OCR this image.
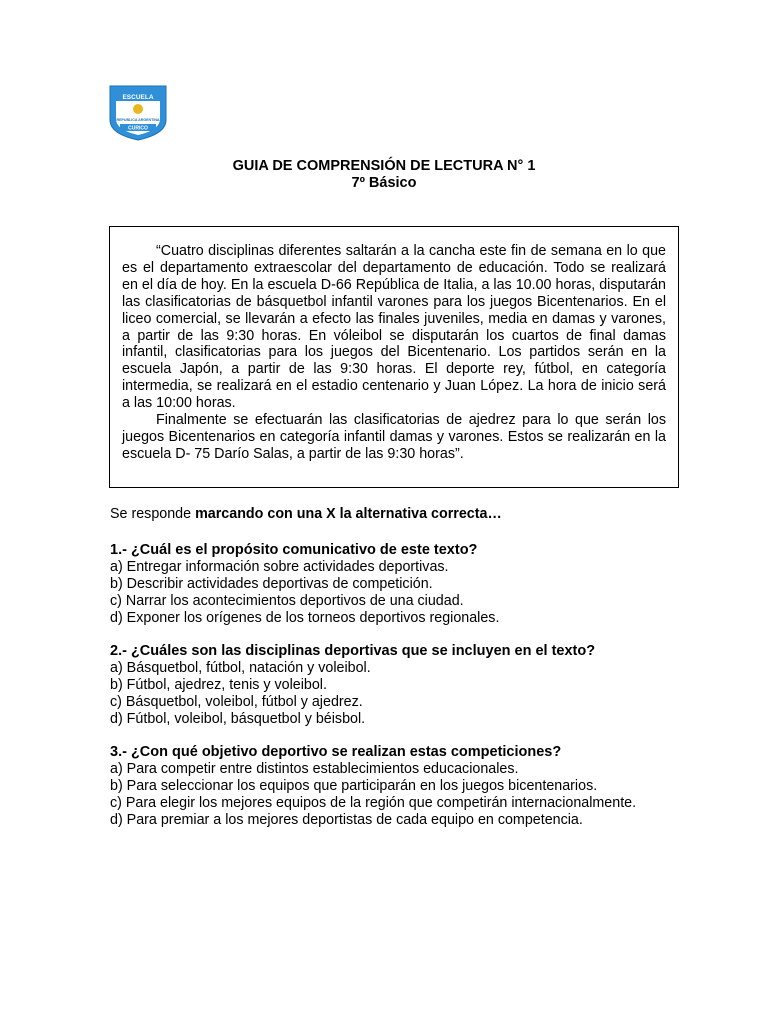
ESCUELA
REPUBLICA ARGENTINA
CURICO
GUIA DE COMPRENSIÓN DE LECTURA N° 1
7º Básico

“Cuatro disciplinas diferentes saltarán a la cancha este fin de semana en lo que es el departamento extraescolar del departamento de educación. Todo se realizará en el día de hoy. En la escuela D-66 República de Italia, a las 10.00 horas, disputarán las clasificatorias de básquetbol infantil varones para los juegos Bicentenarios. En el liceo comercial, se llevarán a efecto las finales juveniles, media en damas y varones, a partir de las 9:30 horas. En vóleibol se disputarán los cuartos de final damas infantil, clasificatorias para los juegos del Bicentenario. Los partidos serán en la escuela Japón, a partir de las 9:30 horas. El deporte rey, fútbol, en categoría intermedia, se realizará en el estadio centenario y Juan López. La hora de inicio será a las 10:00 horas.

Finalmente se efectuarán las clasificatorias de ajedrez para lo que serán los juegos Bicentenarios en categoría infantil damas y varones. Estos se realizarán en la escuela D- 75 Darío Salas, a partir de las 9:30 horas”.

Se responde marcando con una X la alternativa correcta…

1.- ¿Cuál es el propósito comunicativo de este texto?

a) Entregar información sobre actividades deportivas.
b) Describir actividades deportivas de competición.
c) Narrar los acontecimientos deportivos de una ciudad.
d) Exponer los orígenes de los torneos deportivos regionales.

2.- ¿Cuáles son las disciplinas deportivas que se incluyen en el texto?

a) Básquetbol, fútbol, natación y voleibol.
b) Fútbol, ajedrez, tenis y voleibol.
c) Básquetbol, voleibol, fútbol y ajedrez.
d) Fútbol, voleibol, básquetbol y béisbol.

3.- ¿Con qué objetivo deportivo se realizan estas competiciones?

a) Para competir entre distintos establecimientos educacionales.
b) Para seleccionar los equipos que participarán en los juegos bicentenarios.
c) Para elegir los mejores equipos de la región que competirán internacionalmente.
d) Para premiar a los mejores deportistas de cada equipo en competencia.
